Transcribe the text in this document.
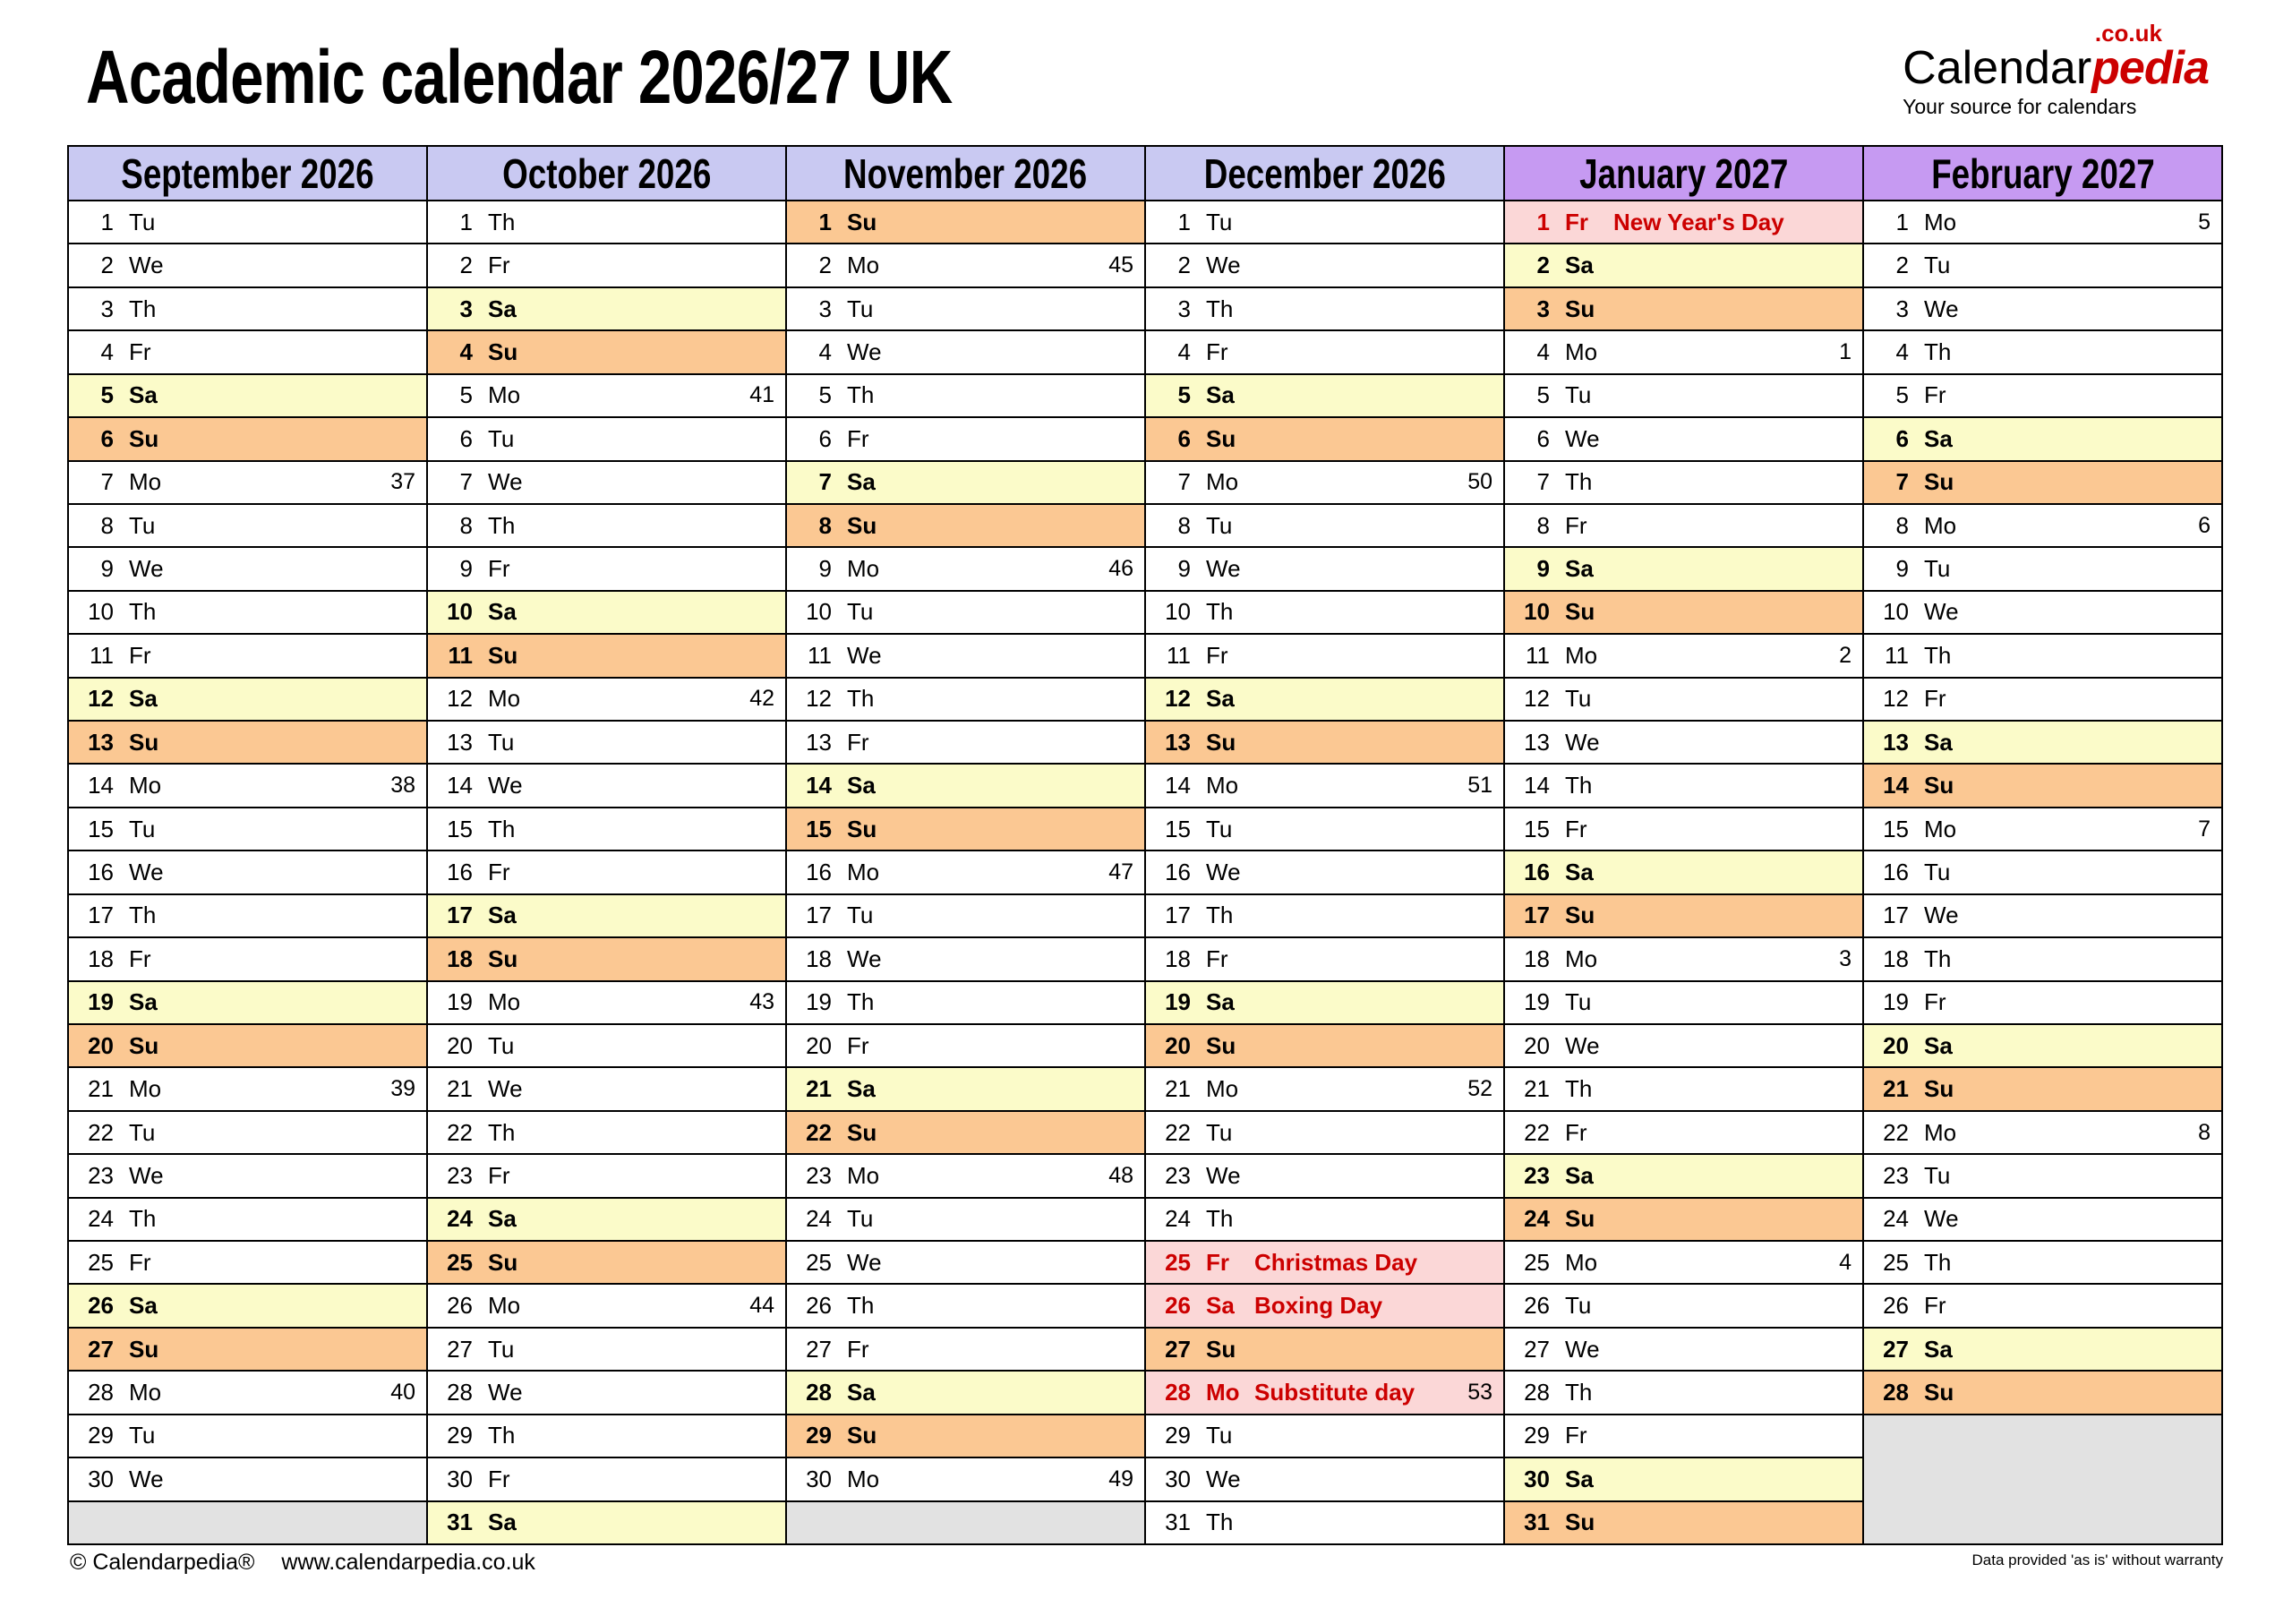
Academic calendar 2026/27 UK
.co.uk
Calendarpedia
Your source for calendars
September 2026
1 Tu
2 We
3 Th
4 Fr
5 Sa
6 Su
7 Mo	37
8 Tu
9 We
10 Th
11 Fr
12 Sa
13 Su
14 Mo	38
15 Tu
16 We
17 Th
18 Fr
19 Sa
20 Su
21 Mo	39
22 Tu
23 We
24 Th
25 Fr
26 Sa
27 Su
28 Mo	40
29 Tu
30 We
October 2026
1 Th
2 Fr
3 Sa
4 Su
5 Mo	41
6 Tu
7 We
8 Th
9 Fr
10 Sa
11 Su
12 Mo	42
13 Tu
14 We
15 Th
16 Fr
17 Sa
18 Su
19 Mo	43
20 Tu
21 We
22 Th
23 Fr
24 Sa
25 Su
26 Mo	44
27 Tu
28 We
29 Th
30 Fr
31 Sa
November 2026
1 Su
2 Mo	45
3 Tu
4 We
5 Th
6 Fr
7 Sa
8 Su
9 Mo	46
10 Tu
11 We
12 Th
13 Fr
14 Sa
15 Su
16 Mo	47
17 Tu
18 We
19 Th
20 Fr
21 Sa
22 Su
23 Mo	48
24 Tu
25 We
26 Th
27 Fr
28 Sa
29 Su
30 Mo	49
December 2026
1 Tu
2 We
3 Th
4 Fr
5 Sa
6 Su
7 Mo	50
8 Tu
9 We
10 Th
11 Fr
12 Sa
13 Su
14 Mo	51
15 Tu
16 We
17 Th
18 Fr
19 Sa
20 Su
21 Mo	52
22 Tu
23 We
24 Th
25 Fr	Christmas Day
26 Sa Boxing Day
27 Su
28 Mo Substitute day 53
29 Tu
30 We
31 Th
January 2027
1 Fr	New Year's Day
2 Sa
3 Su
4 Mo	1
5 Tu
6 We
7 Th
8 Fr
9 Sa
10 Su
11 Mo	2
12 Tu
13 We
14 Th
15 Fr
16 Sa
17 Su
18 Mo	3
19 Tu
20 We
21 Th
22 Fr
23 Sa
24 Su
25 Mo	4
26 Tu
27 We
28 Th
29 Fr
30 Sa
31 Su
February 2027
1 Mo	5
2 Tu
3 We
4 Th
5 Fr
6 Sa
7 Su
8 Mo	6
9 Tu
10 We
11 Th
12 Fr
13 Sa
14 Su
15 Mo	7
16 Tu
17 We
18 Th
19 Fr
20 Sa
21 Su
22 Mo	8
23 Tu
24 We
25 Th
26 Fr
27 Sa
28 Su
© Calendarpedia® www.calendarpedia.co.uk	Data provided 'as is' without warranty
